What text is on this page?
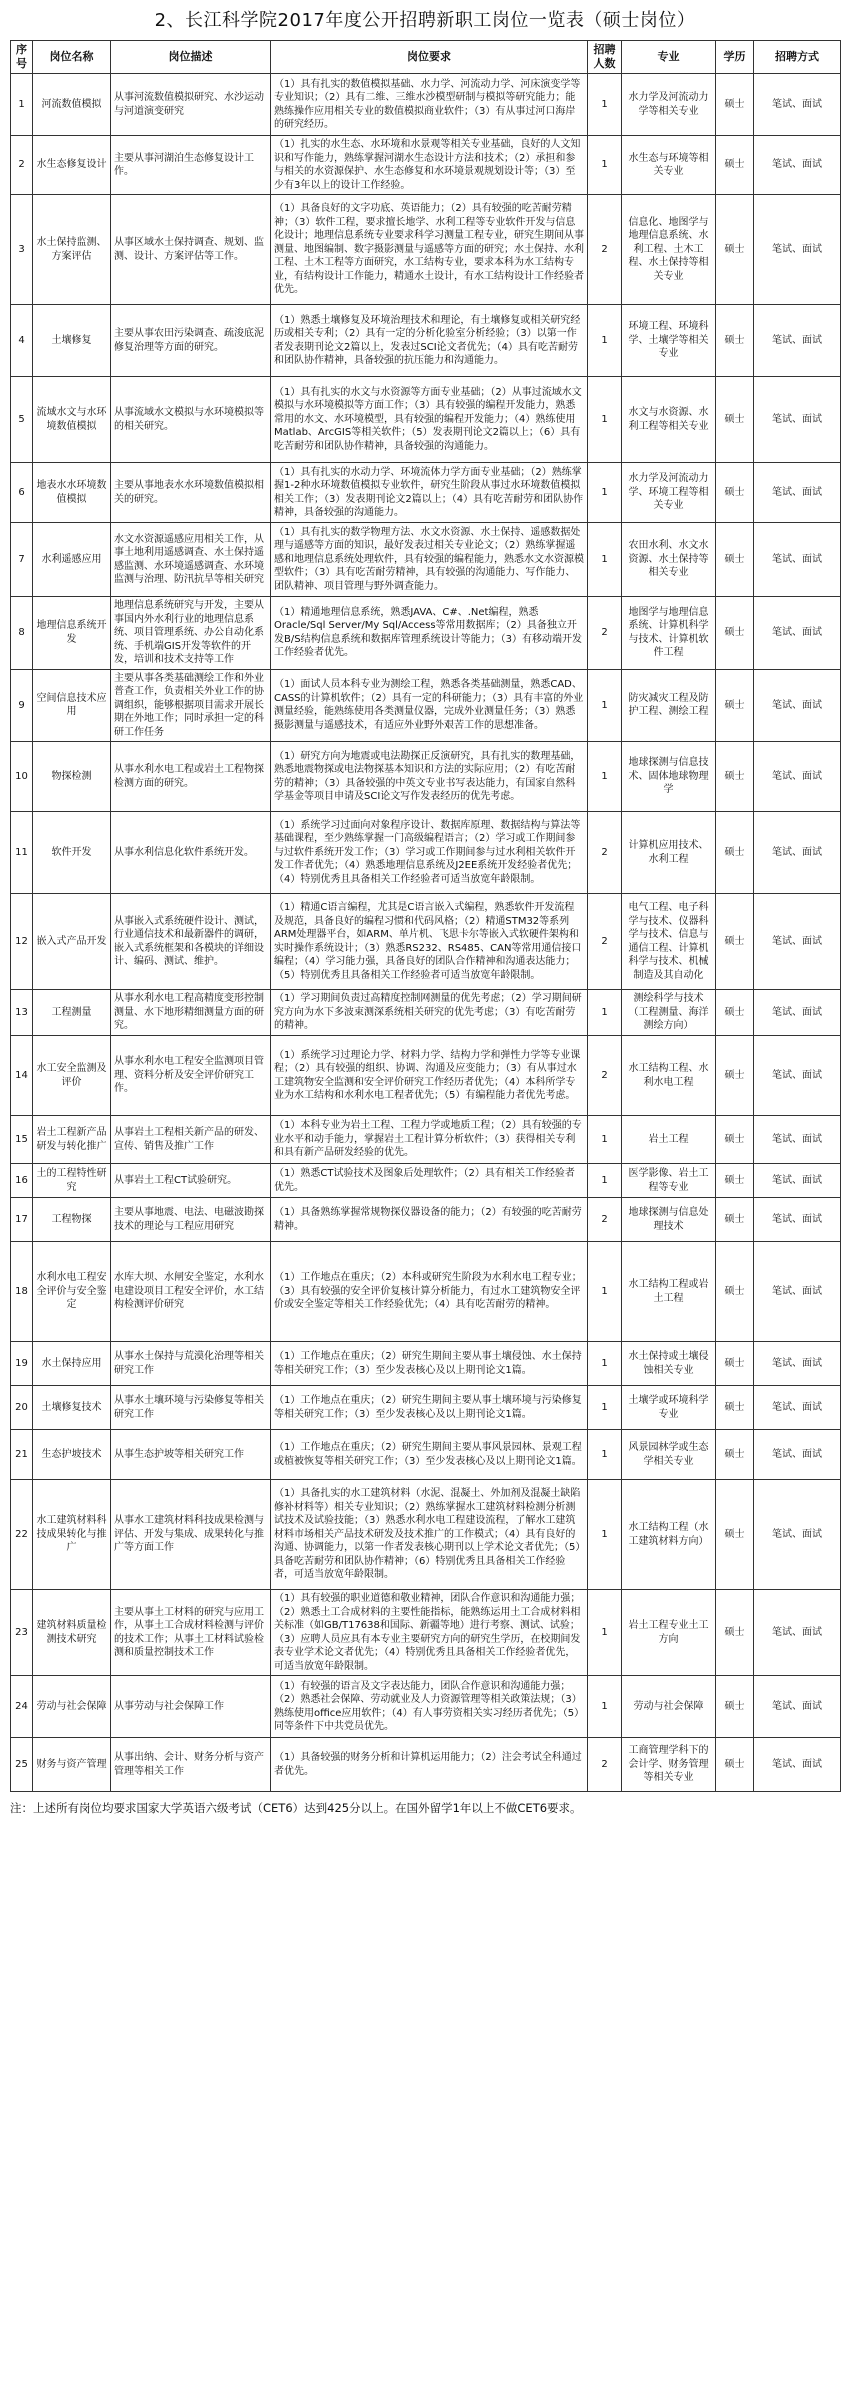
2、长江科学院2017年度公开招聘新职工岗位一览表（硕士岗位）
序号	岗位名称	岗位描述	岗位要求	招聘人数	专业	学历	招聘方式
1	河流数值模拟	从事河流数值模拟研究、水沙运动与河道演变研究	（1）具有扎实的数值模拟基础、水力学、河流动力学、河床演变学等专业知识；（2）具有二维、三维水沙模型研制与模拟等研究能力；能熟练操作应用相关专业的数值模拟商业软件；（3）有从事过河口海岸的研究经历。	1	水力学及河流动力学等相关专业	硕士	笔试、面试
2	水生态修复设计	主要从事河湖泊生态修复设计工作。	（1）扎实的水生态、水环境和水景观等相关专业基础，良好的人文知识和写作能力，熟练掌握河湖水生态设计方法和技术；（2）承担和参与相关的水资源保护、水生态修复和水环境景观规划设计等；（3）至少有3年以上的设计工作经验。	1	水生态与环境等相关专业	硕士	笔试、面试
3	水土保持监测、方案评估	从事区域水土保持调查、规划、监测、设计、方案评估等工作。	（1）具备良好的文字功底、英语能力；（2）具有较强的吃苦耐劳精神；（3）软件工程，要求擅长地学、水利工程等专业软件开发与信息化设计；地理信息系统专业要求科学习测量工程专业，研究生期间从事测量、地图编制、数字摄影测量与遥感等方面的研究；水土保持、水利工程、土木工程等方面研究，水工结构专业，要求本科为水工结构专业，有结构设计工作能力，精通水土设计，有水工结构设计工作经验者优先。	2	信息化、地图学与地理信息系统、水利工程、土木工程、水土保持等相关专业	硕士	笔试、面试
4	土壤修复	主要从事农田污染调查、疏浚底泥修复治理等方面的研究。	（1）熟悉土壤修复及环境治理技术和理论，有土壤修复或相关研究经历或相关专利；（2）具有一定的分析化验室分析经验；（3）以第一作者发表期刊论文2篇以上，发表过SCI论文者优先；（4）具有吃苦耐劳和团队协作精神，具备较强的抗压能力和沟通能力。	1	环境工程、环境科学、土壤学等相关专业	硕士	笔试、面试
5	流域水文与水环境数值模拟	从事流域水文模拟与水环境模拟等的相关研究。	（1）具有扎实的水文与水资源等方面专业基础；（2）从事过流域水文模拟与水环境模拟等方面工作；（3）具有较强的编程开发能力，熟悉常用的水文、水环境模型，具有较强的编程开发能力；（4）熟练使用Matlab、ArcGIS等相关软件；（5）发表期刊论文2篇以上；（6）具有吃苦耐劳和团队协作精神，具备较强的沟通能力。	1	水文与水资源、水利工程等相关专业	硕士	笔试、面试
6	地表水水环境数值模拟	主要从事地表水水环境数值模拟相关的研究。	（1）具有扎实的水动力学、环境流体力学方面专业基础；（2）熟练掌握1-2种水环境数值模拟专业软件，研究生阶段从事过水环境数值模拟相关工作；（3）发表期刊论文2篇以上；（4）具有吃苦耐劳和团队协作精神，具备较强的沟通能力。	1	水力学及河流动力学、环境工程等相关专业	硕士	笔试、面试
7	水利遥感应用	水文水资源遥感应用相关工作，从事土地利用遥感调查、水土保持遥感监测、水环境遥感调查、水环境监测与治理、防汛抗旱等相关研究	（1）具有扎实的数学物理方法、水文水资源、水土保持、遥感数据处理与遥感等方面的知识，最好发表过相关专业论文；（2）熟练掌握遥感和地理信息系统处理软件，具有较强的编程能力，熟悉水文水资源模型软件；（3）具有吃苦耐劳精神，具有较强的沟通能力、写作能力、团队精神、项目管理与野外调查能力。	1	农田水利、水文水资源、水土保持等相关专业	硕士	笔试、面试
8	地理信息系统开发	地理信息系统研究与开发，主要从事国内外水利行业的地理信息系统、项目管理系统、办公自动化系统、手机端GIS开发等软件的开发，培训和技术支持等工作	（1）精通地理信息系统，熟悉JAVA、C#、.Net编程，熟悉Oracle/Sql Server/My Sql/Access等常用数据库；（2）具备独立开发B/S结构信息系统和数据库管理系统设计等能力；（3）有移动端开发工作经验者优先。	2	地图学与地理信息系统、计算机科学与技术、计算机软件工程	硕士	笔试、面试
9	空间信息技术应用	主要从事各类基础测绘工作和外业普查工作，负责相关外业工作的协调组织，能够根据项目需求开展长期在外地工作；同时承担一定的科研工作任务	（1）面试人员本科专业为测绘工程，熟悉各类基础测量，熟悉CAD、CASS的计算机软件；（2）具有一定的科研能力；（3）具有丰富的外业测量经验，能熟练使用各类测量仪器，完成外业测量任务；（3）熟悉摄影测量与遥感技术，有适应外业野外艰苦工作的思想准备。	1	防灾减灾工程及防护工程、测绘工程	硕士	笔试、面试
10	物探检测	从事水利水电工程或岩土工程物探检测方面的研究。	（1）研究方向为地震或电法勘探正反演研究，具有扎实的数理基础，熟悉地震物探或电法物探基本知识和方法的实际应用；（2）有吃苦耐劳的精神；（3）具备较强的中英文专业书写表达能力，有国家自然科学基金等项目申请及SCI论文写作发表经历的优先考虑。	1	地球探测与信息技术、固体地球物理学	硕士	笔试、面试
11	软件开发	从事水利信息化软件系统开发。	（1）系统学习过面向对象程序设计、数据库原理、数据结构与算法等基础课程，至少熟练掌握一门高级编程语言；（2）学习或工作期间参与过软件系统开发工作；（3）学习或工作期间参与过水利相关软件开发工作者优先；（4）熟悉地理信息系统及J2EE系统开发经验者优先；（4）特别优秀且具备相关工作经验者可适当放宽年龄限制。	2	计算机应用技术、水利工程	硕士	笔试、面试
12	嵌入式产品开发	从事嵌入式系统硬件设计、测试，行业通信技术和最新器件的调研，嵌入式系统框架和各模块的详细设计、编码、测试、维护。	（1）精通C语言编程，尤其是C语言嵌入式编程，熟悉软件开发流程及规范，具备良好的编程习惯和代码风格；（2）精通STM32等系列ARM处理器平台，如ARM、单片机、飞思卡尔等嵌入式软硬件架构和实时操作系统设计；（3）熟悉RS232、RS485、CAN等常用通信接口编程；（4）学习能力强，具备良好的团队合作精神和沟通表达能力；（5）特别优秀且具备相关工作经验者可适当放宽年龄限制。	2	电气工程、电子科学与技术、仪器科学与技术、信息与通信工程、计算机科学与技术、机械制造及其自动化	硕士	笔试、面试
13	工程测量	从事水利水电工程高精度变形控制测量、水下地形精细测量方面的研究。	（1）学习期间负责过高精度控制网测量的优先考虑；（2）学习期间研究方向为水下多波束测深系统相关研究的优先考虑；（3）有吃苦耐劳的精神。	1	测绘科学与技术（工程测量、海洋测绘方向）	硕士	笔试、面试
14	水工安全监测及评价	从事水利水电工程安全监测项目管理、资料分析及安全评价研究工作。	（1）系统学习过理论力学、材料力学、结构力学和弹性力学等专业课程；（2）具有较强的组织、协调、沟通及应变能力；（3）有从事过水工建筑物安全监测和安全评价研究工作经历者优先；（4）本科所学专业为水工结构和水利水电工程者优先；（5）有编程能力者优先考虑。	2	水工结构工程、水利水电工程	硕士	笔试、面试
15	岩土工程新产品研发与转化推广	从事岩土工程相关新产品的研发、宣传、销售及推广工作	（1）本科专业为岩土工程、工程力学或地质工程；（2）具有较强的专业水平和动手能力，掌握岩土工程计算分析软件；（3）获得相关专利和具有新产品研发经验的优先。	1	岩土工程	硕士	笔试、面试
16	土的工程特性研究	从事岩土工程CT试验研究。	（1）熟悉CT试验技术及图象后处理软件；（2）具有相关工作经验者优先。	1	医学影像、岩土工程等专业	硕士	笔试、面试
17	工程物探	主要从事地震、电法、电磁波勘探技术的理论与工程应用研究	（1）具备熟练掌握常规物探仪器设备的能力；（2）有较强的吃苦耐劳精神。	2	地球探测与信息处理技术	硕士	笔试、面试
18	水利水电工程安全评价与安全鉴定	水库大坝、水闸安全鉴定，水利水电建设项目工程安全评价，水工结构检测评价研究	（1）工作地点在重庆；（2）本科或研究生阶段为水利水电工程专业；（3）具有较强的安全评价复核计算分析能力，有过水工建筑物安全评价或安全鉴定等相关工作经验优先；（4）具有吃苦耐劳的精神。	1	水工结构工程或岩土工程	硕士	笔试、面试
19	水土保持应用	从事水土保持与荒漠化治理等相关研究工作	（1）工作地点在重庆；（2）研究生期间主要从事土壤侵蚀、水土保持等相关研究工作；（3）至少发表核心及以上期刊论文1篇。	1	水土保持或土壤侵蚀相关专业	硕士	笔试、面试
20	土壤修复技术	从事水土壤环境与污染修复等相关研究工作	（1）工作地点在重庆；（2）研究生期间主要从事土壤环境与污染修复等相关研究工作；（3）至少发表核心及以上期刊论文1篇。	1	土壤学或环境科学专业	硕士	笔试、面试
21	生态护坡技术	从事生态护坡等相关研究工作	（1）工作地点在重庆；（2）研究生期间主要从事风景园林、景观工程或植被恢复等相关研究工作；（3）至少发表核心及以上期刊论文1篇。	1	风景园林学或生态学相关专业	硕士	笔试、面试
22	水工建筑材料科技成果转化与推广	从事水工建筑材料科技成果检测与评估、开发与集成、成果转化与推广等方面工作	（1）具备扎实的水工建筑材料（水泥、混凝土、外加剂及混凝土缺陷修补材料等）相关专业知识；（2）熟练掌握水工建筑材料检测分析测试技术及试验技能；（3）熟悉水利水电工程建设流程，了解水工建筑材料市场相关产品技术研发及技术推广的工作模式；（4）具有良好的沟通、协调能力，以第一作者发表核心期刊以上学术论文者优先；（5）具备吃苦耐劳和团队协作精神；（6）特别优秀且具备相关工作经验者，可适当放宽年龄限制。	1	水工结构工程（水工建筑材料方向）	硕士	笔试、面试
23	建筑材料质量检测技术研究	主要从事土工材料的研究与应用工作，从事土工合成材料检测与评价的技术工作；从事土工材料试验检测和质量控制技术工作	（1）具有较强的职业道德和敬业精神，团队合作意识和沟通能力强；（2）熟悉土工合成材料的主要性能指标，能熟练运用土工合成材料相关标准（如GB/T17638和国际、新疆等地）进行考察、测试、试验；（3）应聘人员应具有本专业主要研究方向的研究生学历，在校期间发表专业学术论文者优先；（4）特别优秀且具备相关工作经验者优先，可适当放宽年龄限制。	1	岩土工程专业土工方向	硕士	笔试、面试
24	劳动与社会保障	从事劳动与社会保障工作	（1）有较强的语言及文字表达能力，团队合作意识和沟通能力强；（2）熟悉社会保障、劳动就业及人力资源管理等相关政策法规；（3）熟练使用office应用软件；（4）有人事劳资相关实习经历者优先；（5）同等条件下中共党员优先。	1	劳动与社会保障	硕士	笔试、面试
25	财务与资产管理	从事出纳、会计、财务分析与资产管理等相关工作	（1）具备较强的财务分析和计算机运用能力；（2）注会考试全科通过者优先。	2	工商管理学科下的会计学、财务管理等相关专业	硕士	笔试、面试
注：上述所有岗位均要求国家大学英语六级考试（CET6）达到425分以上。在国外留学1年以上不做CET6要求。
